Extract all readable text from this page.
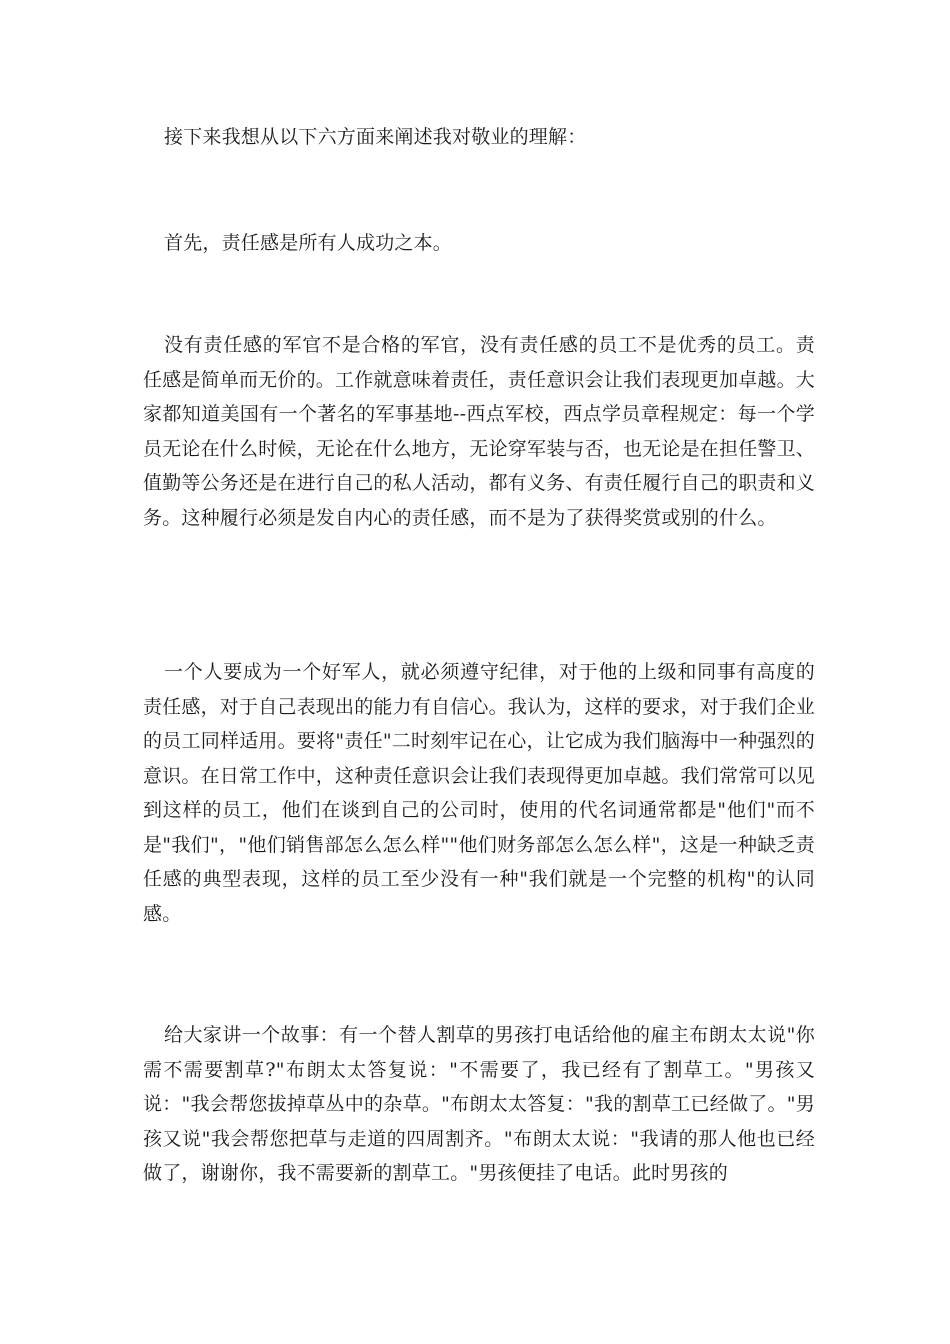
接下来我想从以下六方面来阐述我对敬业的理解：

首先，责任感是所有人成功之本。

没有责任感的军官不是合格的军官，没有责任感的员工不是优秀的员工。责任感是简单而无价的。工作就意味着责任，责任意识会让我们表现更加卓越。大家都知道美国有一个著名的军事基地--西点军校，西点学员章程规定：每一个学员无论在什么时候，无论在什么地方，无论穿军装与否，也无论是在担任警卫、值勤等公务还是在进行自己的私人活动，都有义务、有责任履行自己的职责和义务。这种履行必须是发自内心的责任感，而不是为了获得奖赏或别的什么。

一个人要成为一个好军人，就必须遵守纪律，对于他的上级和同事有高度的责任感，对于自己表现出的能力有自信心。我认为，这样的要求，对于我们企业的员工同样适用。要将"责任"二时刻牢记在心，让它成为我们脑海中一种强烈的意识。在日常工作中，这种责任意识会让我们表现得更加卓越。我们常常可以见到这样的员工，他们在谈到自己的公司时，使用的代名词通常都是"他们"而不是"我们"，"他们销售部怎么怎么样""他们财务部怎么怎么样"，这是一种缺乏责任感的典型表现，这样的员工至少没有一种"我们就是一个完整的机构"的认同感。

给大家讲一个故事：有一个替人割草的男孩打电话给他的雇主布朗太太说"你需不需要割草?"布朗太太答复说："不需要了，我已经有了割草工。"男孩又说："我会帮您拔掉草丛中的杂草。"布朗太太答复："我的割草工已经做了。"男孩又说"我会帮您把草与走道的四周割齐。"布朗太太说："我请的那人他也已经做了，谢谢你，我不需要新的割草工。"男孩便挂了电话。此时男孩的
